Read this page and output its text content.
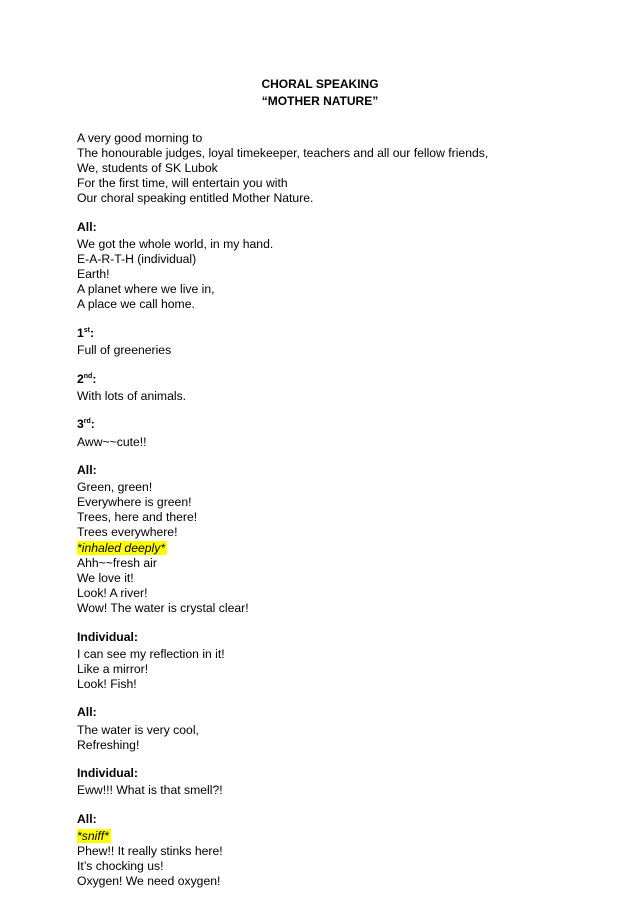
CHORAL SPEAKING
“MOTHER NATURE”
A very good morning to
The honourable judges, loyal timekeeper, teachers and all our fellow friends,
We, students of SK Lubok
For the first time, will entertain you with
Our choral speaking entitled Mother Nature.
All:
We got the whole world, in my hand.
E-A-R-T-H (individual)
Earth!
A planet where we live in,
A place we call home.
1st:
Full of greeneries
2nd:
With lots of animals.
3rd:
Aww~~cute!!
All:
Green, green!
Everywhere is green!
Trees, here and there!
Trees everywhere!
*inhaled deeply*
Ahh~~fresh air
We love it!
Look! A river!
Wow! The water is crystal clear!
Individual:
I can see my reflection in it!
Like a mirror!
Look! Fish!
All:
The water is very cool,
Refreshing!
Individual:
Eww!!! What is that smell?!
All:
*sniff*
Phew!! It really stinks here!
It’s chocking us!
Oxygen! We need oxygen!
